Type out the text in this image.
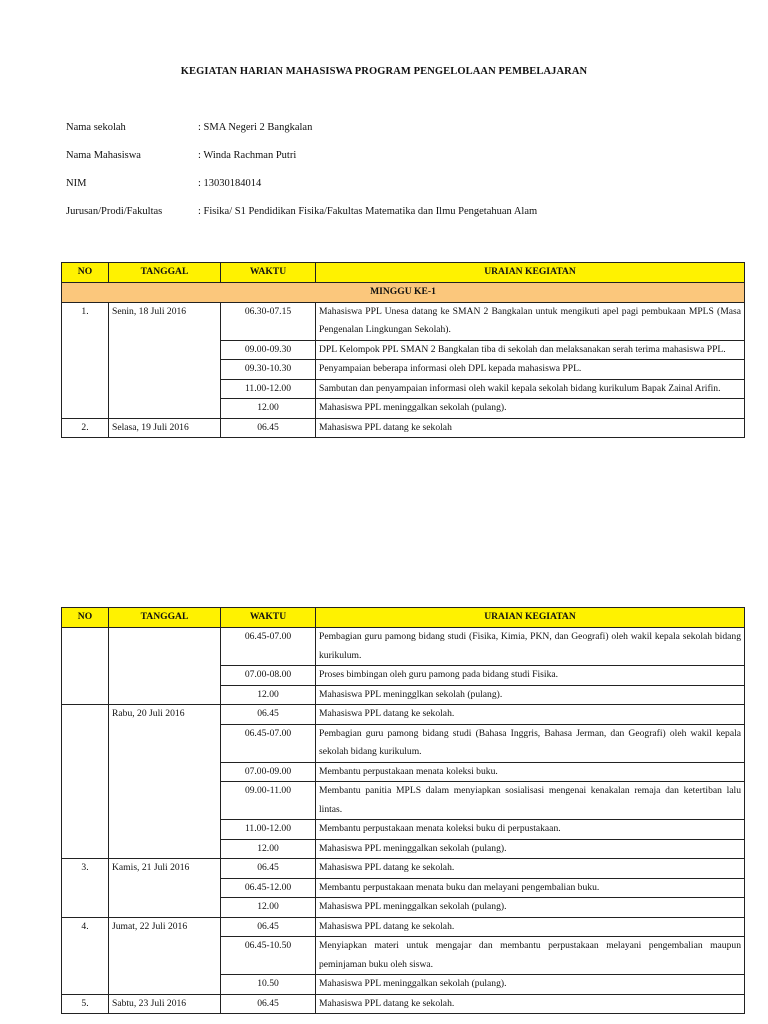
KEGIATAN HARIAN MAHASISWA PROGRAM PENGELOLAAN PEMBELAJARAN
Nama sekolah	: SMA Negeri 2 Bangkalan
Nama Mahasiswa	: Winda Rachman Putri
NIM	: 13030184014
Jurusan/Prodi/Fakultas	: Fisika/ S1 Pendidikan Fisika/Fakultas Matematika dan Ilmu Pengetahuan Alam
NO	TANGGAL	WAKTU	URAIAN KEGIATAN
MINGGU KE-1			
1.	Senin, 18 Juli 2016	06.30-07.15	Mahasiswa PPL Unesa datang ke SMAN 2 Bangkalan untuk mengikuti apel pagi pembukaan MPLS (Masa Pengenalan Lingkungan Sekolah).
		09.00-09.30	DPL Kelompok PPL SMAN 2 Bangkalan tiba di sekolah dan melaksanakan serah terima mahasiswa PPL.
		09.30-10.30	Penyampaian beberapa informasi oleh DPL kepada mahasiswa PPL.
		11.00-12.00	Sambutan dan penyampaian informasi oleh wakil kepala sekolah bidang kurikulum Bapak Zainal Arifin.
		12.00	Mahasiswa PPL meninggalkan sekolah (pulang).
2.	Selasa, 19 Juli 2016	06.45	Mahasiswa PPL datang ke sekolah
NO	TANGGAL	WAKTU	URAIAN KEGIATAN
		06.45-07.00	Pembagian guru pamong bidang studi (Fisika, Kimia, PKN, dan Geografi) oleh wakil kepala sekolah bidang kurikulum.
		07.00-08.00	Proses bimbingan oleh guru pamong pada bidang studi Fisika.
		12.00	Mahasiswa PPL meningglkan sekolah (pulang).
	Rabu, 20 Juli 2016	06.45	Mahasiswa PPL datang ke sekolah.
		06.45-07.00	Pembagian guru pamong bidang studi (Bahasa Inggris, Bahasa Jerman, dan Geografi) oleh wakil kepala sekolah bidang kurikulum.
		07.00-09.00	Membantu perpustakaan menata koleksi buku.
		09.00-11.00	Membantu panitia MPLS dalam menyiapkan sosialisasi mengenai kenakalan remaja dan ketertiban lalu lintas.
		11.00-12.00	Membantu perpustakaan menata koleksi buku di perpustakaan.
		12.00	Mahasiswa PPL meninggalkan sekolah (pulang).
3.	Kamis, 21 Juli 2016	06.45	Mahasiswa PPL datang ke sekolah.
		06.45-12.00	Membantu perpustakaan menata buku dan melayani pengembalian buku.
		12.00	Mahasiswa PPL meninggalkan sekolah (pulang).
4.	Jumat, 22 Juli 2016	06.45	Mahasiswa PPL datang ke sekolah.
		06.45-10.50	Menyiapkan materi untuk mengajar dan membantu perpustakaan melayani pengembalian maupun peminjaman buku oleh siswa.
		10.50	Mahasiswa PPL meninggalkan sekolah (pulang).
5.	Sabtu, 23 Juli 2016	06.45	Mahasiswa PPL datang ke sekolah.
